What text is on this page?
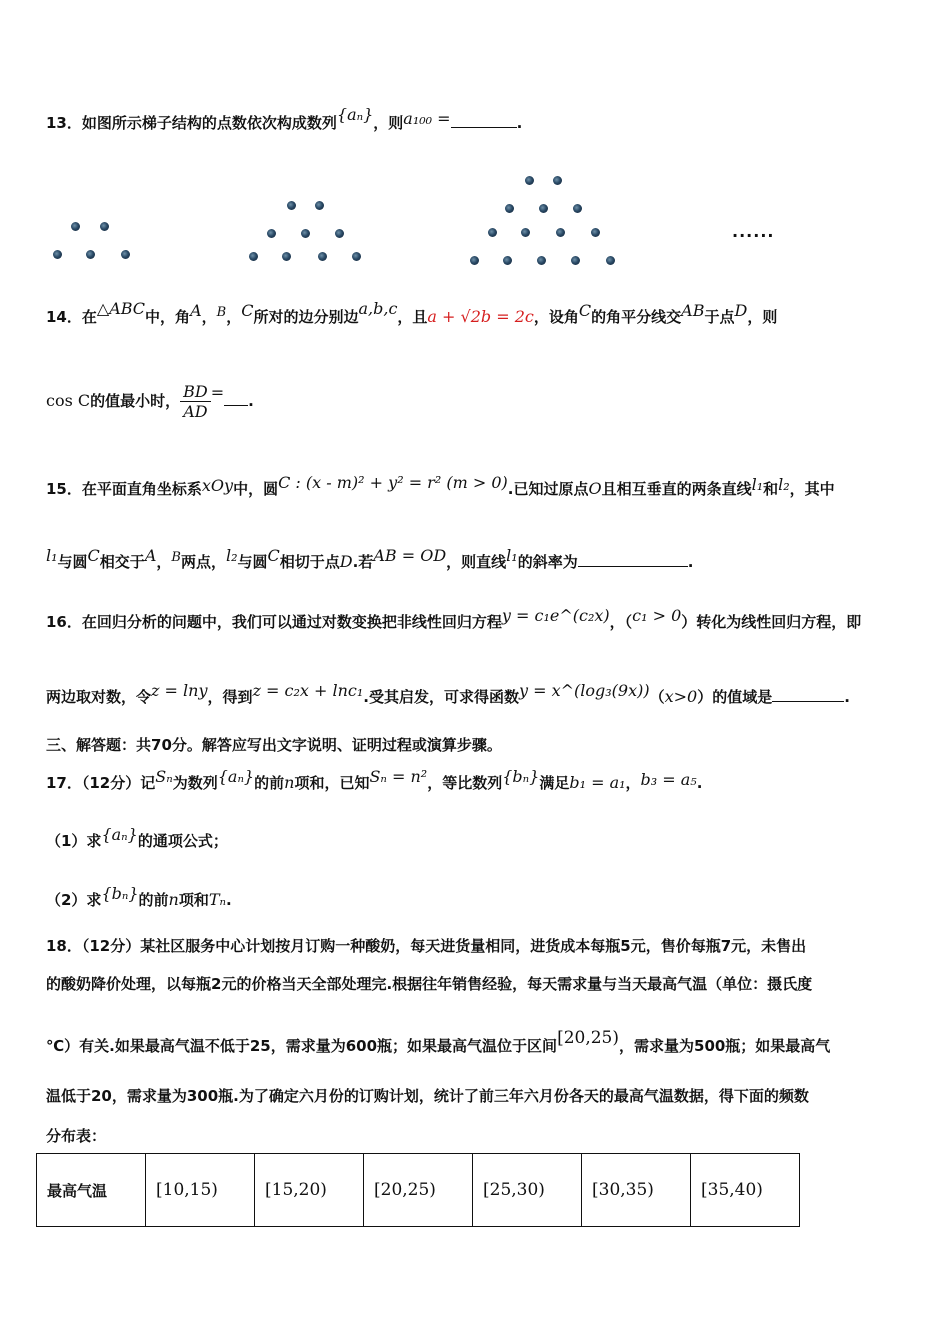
13．如图所示梯子结构的点数依次构成数列{aₙ}，则a₁₀₀ =	.
......
14．在△ABC中，角A，B，C所对的边分别边a,b,c，且a + √2b = 2c，设角C的角平分线交AB于点D，则
cos C的值最小时， $\frac{BD}{AD}$ = .
15．在平面直角坐标系xOy中，圆C : (x - m)² + y² = r² (m > 0).已知过原点O且相互垂直的两条直线l₁和l₂，其中
l₁与圆C相交于A，B两点，l₂与圆C相切于点D.若AB = OD，则直线l₁的斜率为	.
16．在回归分析的问题中，我们可以通过对数变换把非线性回归方程y = c₁e^(c₂x)，（c₁ > 0）转化为线性回归方程，即
两边取对数，令z = lny，得到z = c₂x + lnc₁.受其启发，可求得函数y = x^(log₃(9x))（x>0）的值域是	.
三、解答题：共70分。解答应写出文字说明、证明过程或演算步骤。
17．（12分）记Sₙ为数列{aₙ}的前n项和，已知Sₙ = n²，等比数列{bₙ}满足b₁ = a₁，b₃ = a₅.
（1）求{aₙ}的通项公式；
（2）求{bₙ}的前n项和Tₙ.
18．（12分）某社区服务中心计划按月订购一种酸奶，每天进货量相同，进货成本每瓶5元，售价每瓶7元，未售出
的酸奶降价处理，以每瓶2元的价格当天全部处理完.根据往年销售经验，每天需求量与当天最高气温（单位：摄氏度
℃）有关.如果最高气温不低于25，需求量为600瓶；如果最高气温位于区间[20,25)，需求量为500瓶；如果最高气
温低于20，需求量为300瓶.为了确定六月份的订购计划，统计了前三年六月份各天的最高气温数据，得下面的频数
分布表：
最高气温	[10,15)	[15,20)	[20,25)	[25,30)	[30,35)	[35,40)
